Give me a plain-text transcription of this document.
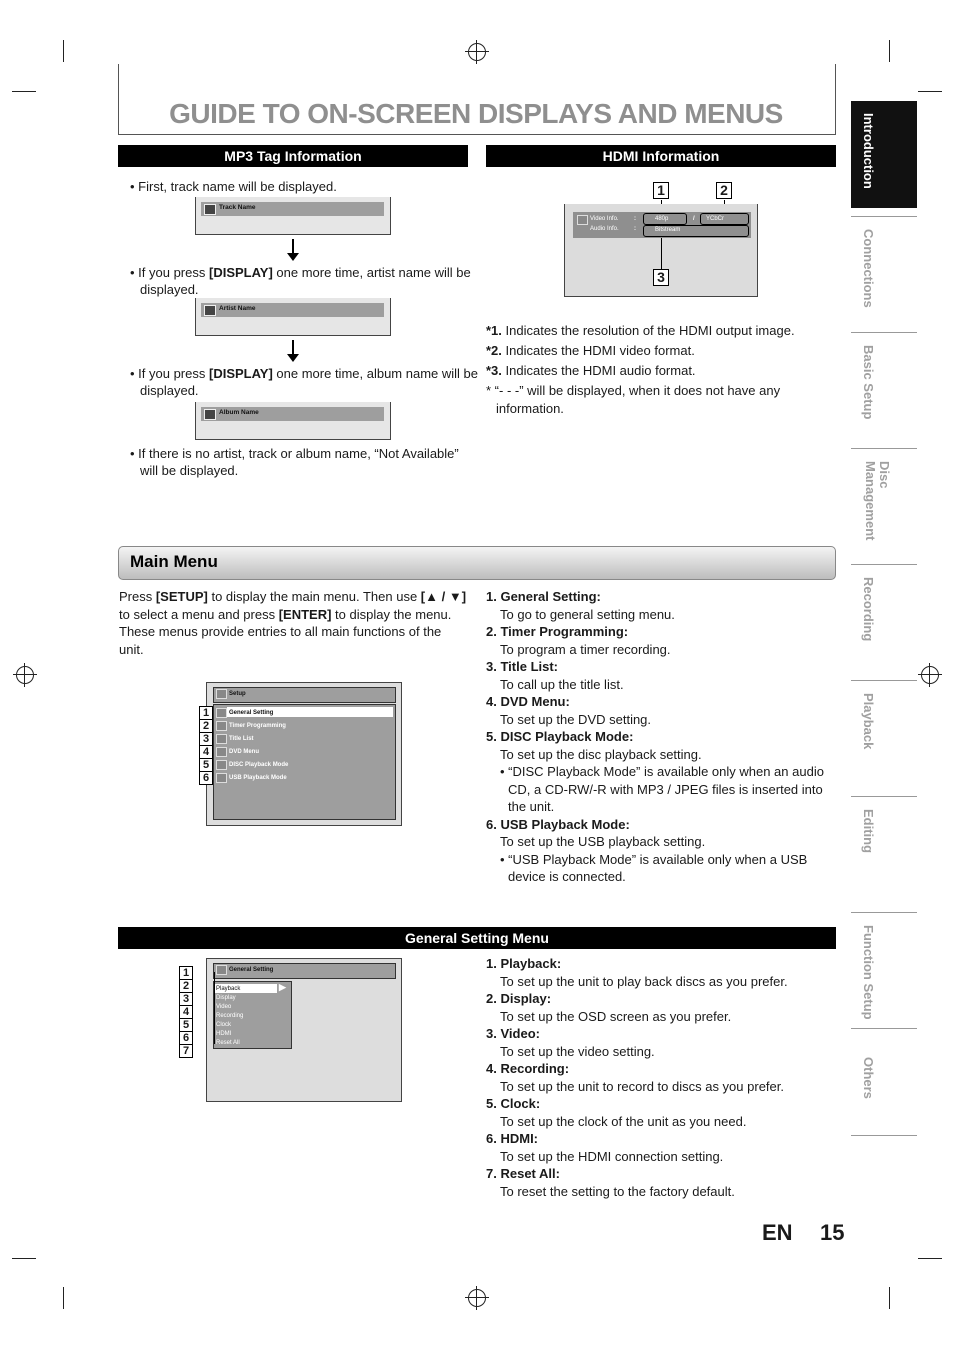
GUIDE TO ON-SCREEN DISPLAYS AND MENUS
MP3 Tag Information
• First, track name will be displayed.
Track Name
• If you press [DISPLAY] one more time, artist name will be displayed.
Artist Name
• If you press [DISPLAY] one more time, album name will be displayed.
Album Name
• If there is no artist, track or album name, “Not Available” will be displayed.
HDMI Information
1	2
Video Info.	:
Audio Info.	:
480p	/ YCbCr
Bitstream
3
*1. Indicates the resolution of the HDMI output image.
*2. Indicates the HDMI video format.
*3. Indicates the HDMI audio format.
* “- - -” will be displayed, when it does not have any information.
Main Menu
Press [SETUP] to display the main menu. Then use [▲ / ▼] to select a menu and press [ENTER] to display the menu. These menus provide entries to all main functions of the unit.
Setup
General Setting
Timer Programming
Title List
DVD Menu
DISC Playback Mode
USB Playback Mode
1
2
3
4
5
6
1. General Setting:
To go to general setting menu.
2. Timer Programming:
To program a timer recording.
3. Title List:
To call up the title list.
4. DVD Menu:
To set up the DVD setting.
5. DISC Playback Mode:
To set up the disc playback setting.
• “DISC Playback Mode” is available only when an audio CD, a CD-RW/-R with MP3 / JPEG files is inserted into the unit.
6. USB Playback Mode:
To set up the USB playback setting.
• “USB Playback Mode” is available only when a USB device is connected.
General Setting Menu
General Setting
▶
Playback
Display
Video
Recording
Clock
HDMI
Reset All
1
2
3
4
5
6
7
1. Playback:
To set up the unit to play back discs as you prefer.
2. Display:
To set up the OSD screen as you prefer.
3. Video:
To set up the video setting.
4. Recording:
To set up the unit to record to discs as you prefer.
5. Clock:
To set up the clock of the unit as you need.
6. HDMI:
To set up the HDMI connection setting.
7. Reset All:
To reset the setting to the factory default.
Introduction
Connections
Basic Setup
Disc Management
Recording
Playback
Editing
Function Setup
Others
EN 15
